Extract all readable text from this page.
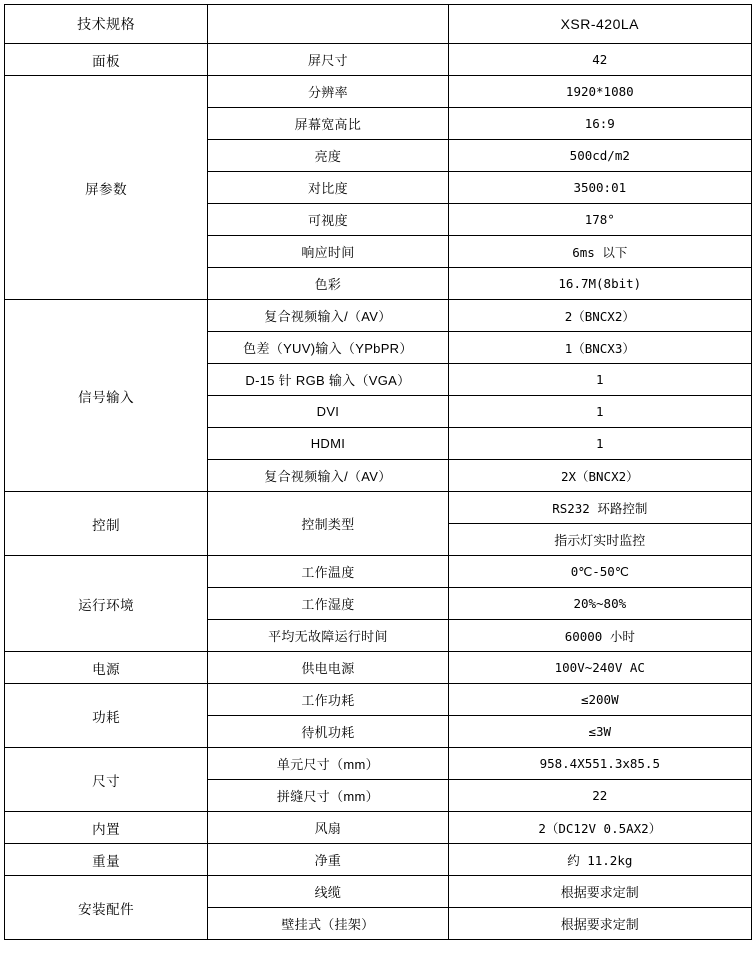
技术规格		XSR-420LA
面板	屏尺寸	42
屏参数	分辨率	1920*1080
	屏幕宽高比	16:9
	亮度	500cd/m2
	对比度	3500:01
	可视度	178°
	响应时间	6ms 以下
	色彩	16.7M(8bit)
信号输入	复合视频输入/（AV）	2（BNCX2）
	色差（YUV)输入（YPbPR）	1（BNCX3）
	D-15 针 RGB 输入（VGA）	1
	DVI	1
	HDMI	1
	复合视频输入/（AV）	2X（BNCX2）
控制	控制类型	RS232 环路控制
		指示灯实时监控
运行环境	工作温度	0℃-50℃
	工作湿度	20%~80%
	平均无故障运行时间	60000 小时
电源	供电电源	100V~240V AC
功耗	工作功耗	≤200W
	待机功耗	≤3W
尺寸	单元尺寸（mm）	958.4X551.3x85.5
	拼缝尺寸（mm）	22
内置	风扇	2（DC12V 0.5AX2）
重量	净重	约 11.2kg
安装配件	线缆	根据要求定制
	壁挂式（挂架）	根据要求定制
